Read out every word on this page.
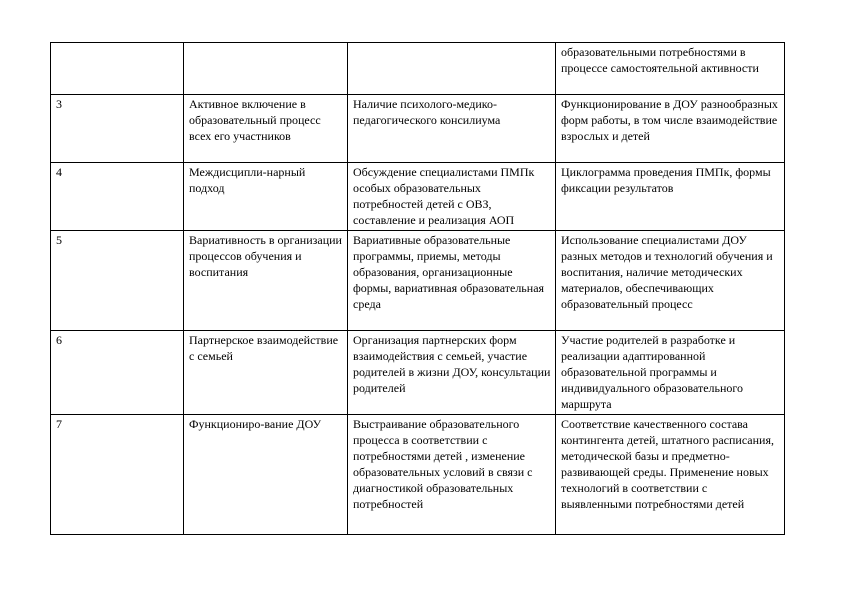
			образовательными потребностями в процессе самостоятельной активности

3	Активное включение в образовательный процесс всех его участников	Наличие психолого-медико-педагогического консилиума	Функционирование в ДОУ разнообразных форм работы, в том числе взаимодействие взрослых и детей

4	Междисципли-нарный подход	Обсуждение специалистами ПМПк особых образовательных потребностей детей с ОВЗ, составление и реализация АОП	Циклограмма проведения ПМПк, формы фиксации результатов

5	Вариативность в организации процессов обучения и воспитания	Вариативные образовательные программы, приемы, методы образования, организационные формы, вариативная образовательная среда	Использование специалистами ДОУ разных методов и технологий обучения и воспитания, наличие методических материалов, обеспечивающих образовательный процесс

6	Партнерское взаимодействие с семьей	Организация партнерских форм взаимодействия с семьей, участие родителей в жизни ДОУ, консультации родителей	Участие родителей в разработке и реализации адаптированной образовательной программы и индивидуального образовательного маршрута

7	Функциониро-вание ДОУ	Выстраивание образовательного процесса в соответствии с потребностями детей , изменение образовательных условий в связи с диагностикой образовательных потребностей	Соответствие качественного состава контингента детей, штатного расписания, методической базы и предметно-развивающей среды. Применение новых технологий в соответствии с выявленными потребностями детей
